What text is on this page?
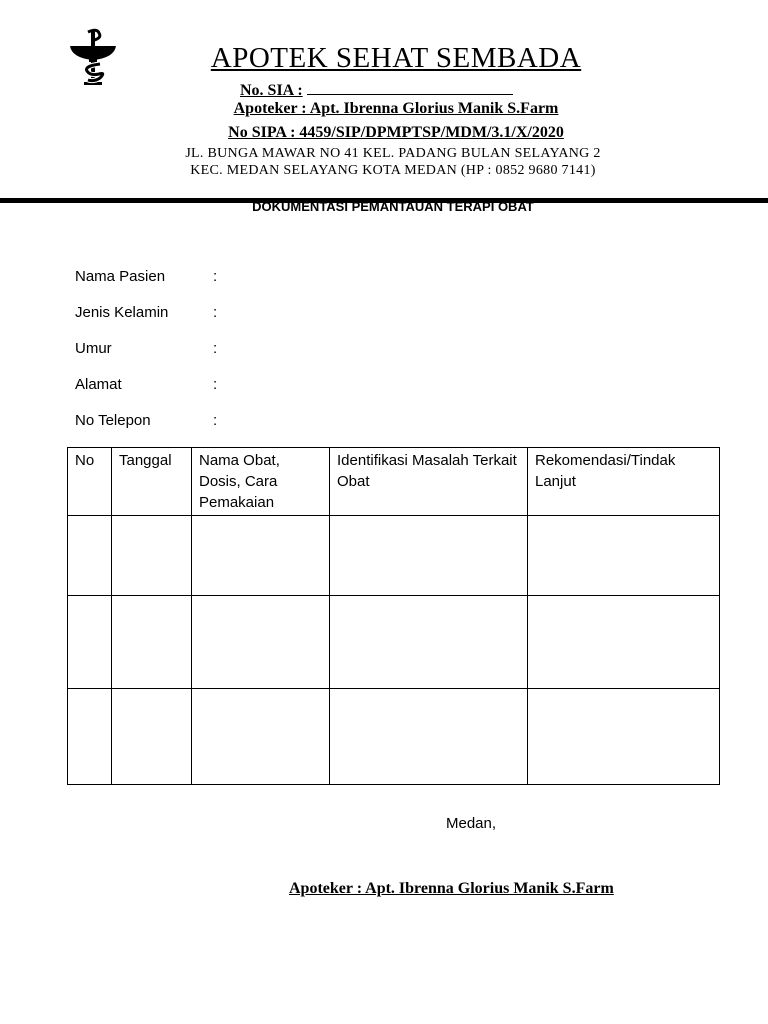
APOTEK SEHAT SEMBADA
No. SIA :
Apoteker : Apt. Ibrenna Glorius Manik S.Farm
No SIPA : 4459/SIP/DPMPTSP/MDM/3.1/X/2020
JL. BUNGA MAWAR NO 41 KEL. PADANG BULAN SELAYANG 2
KEC. MEDAN SELAYANG KOTA MEDAN (HP : 0852 9680 7141)
DOKUMENTASI PEMANTAUAN TERAPI OBAT
Nama Pasien	:
Jenis Kelamin	:
Umur	:
Alamat	:
No Telepon	:
No	Tanggal	Nama Obat, Dosis, Cara Pemakaian	Identifikasi Masalah Terkait Obat	Rekomendasi/Tindak Lanjut

Medan,
Apoteker : Apt. Ibrenna Glorius Manik S.Farm
